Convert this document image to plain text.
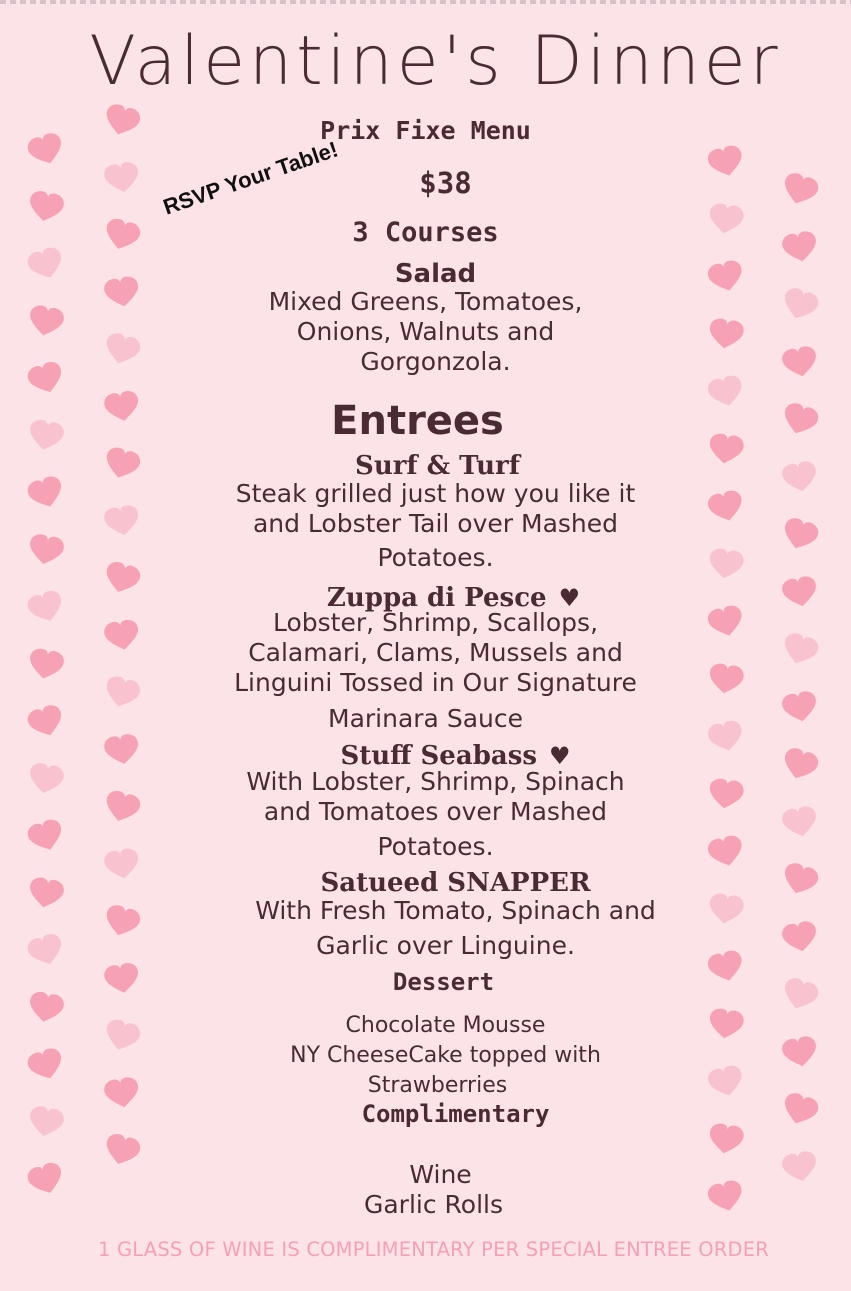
Valentine's Dinner
Prix Fixe Menu
$38
RSVP Your Table!
3 Courses
Salad
Mixed Greens, Tomatoes,
Onions, Walnuts and
Gorgonzola.
Entrees
Surf & Turf
Steak grilled just how you like it
and Lobster Tail over Mashed
Potatoes.
Zuppa di Pesce ♥
Lobster, Shrimp, Scallops,
Calamari, Clams, Mussels and
Linguini Tossed in Our Signature
Marinara Sauce
Stuff Seabass ♥
With Lobster, Shrimp, Spinach
and Tomatoes over Mashed
Potatoes.
Satueed SNAPPER
With Fresh Tomato, Spinach and
Garlic over Linguine.
Dessert
Chocolate Mousse
NY CheeseCake topped with
Strawberries
Complimentary
Wine
Garlic Rolls
1 GLASS OF WINE IS COMPLIMENTARY PER SPECIAL ENTREE ORDER
